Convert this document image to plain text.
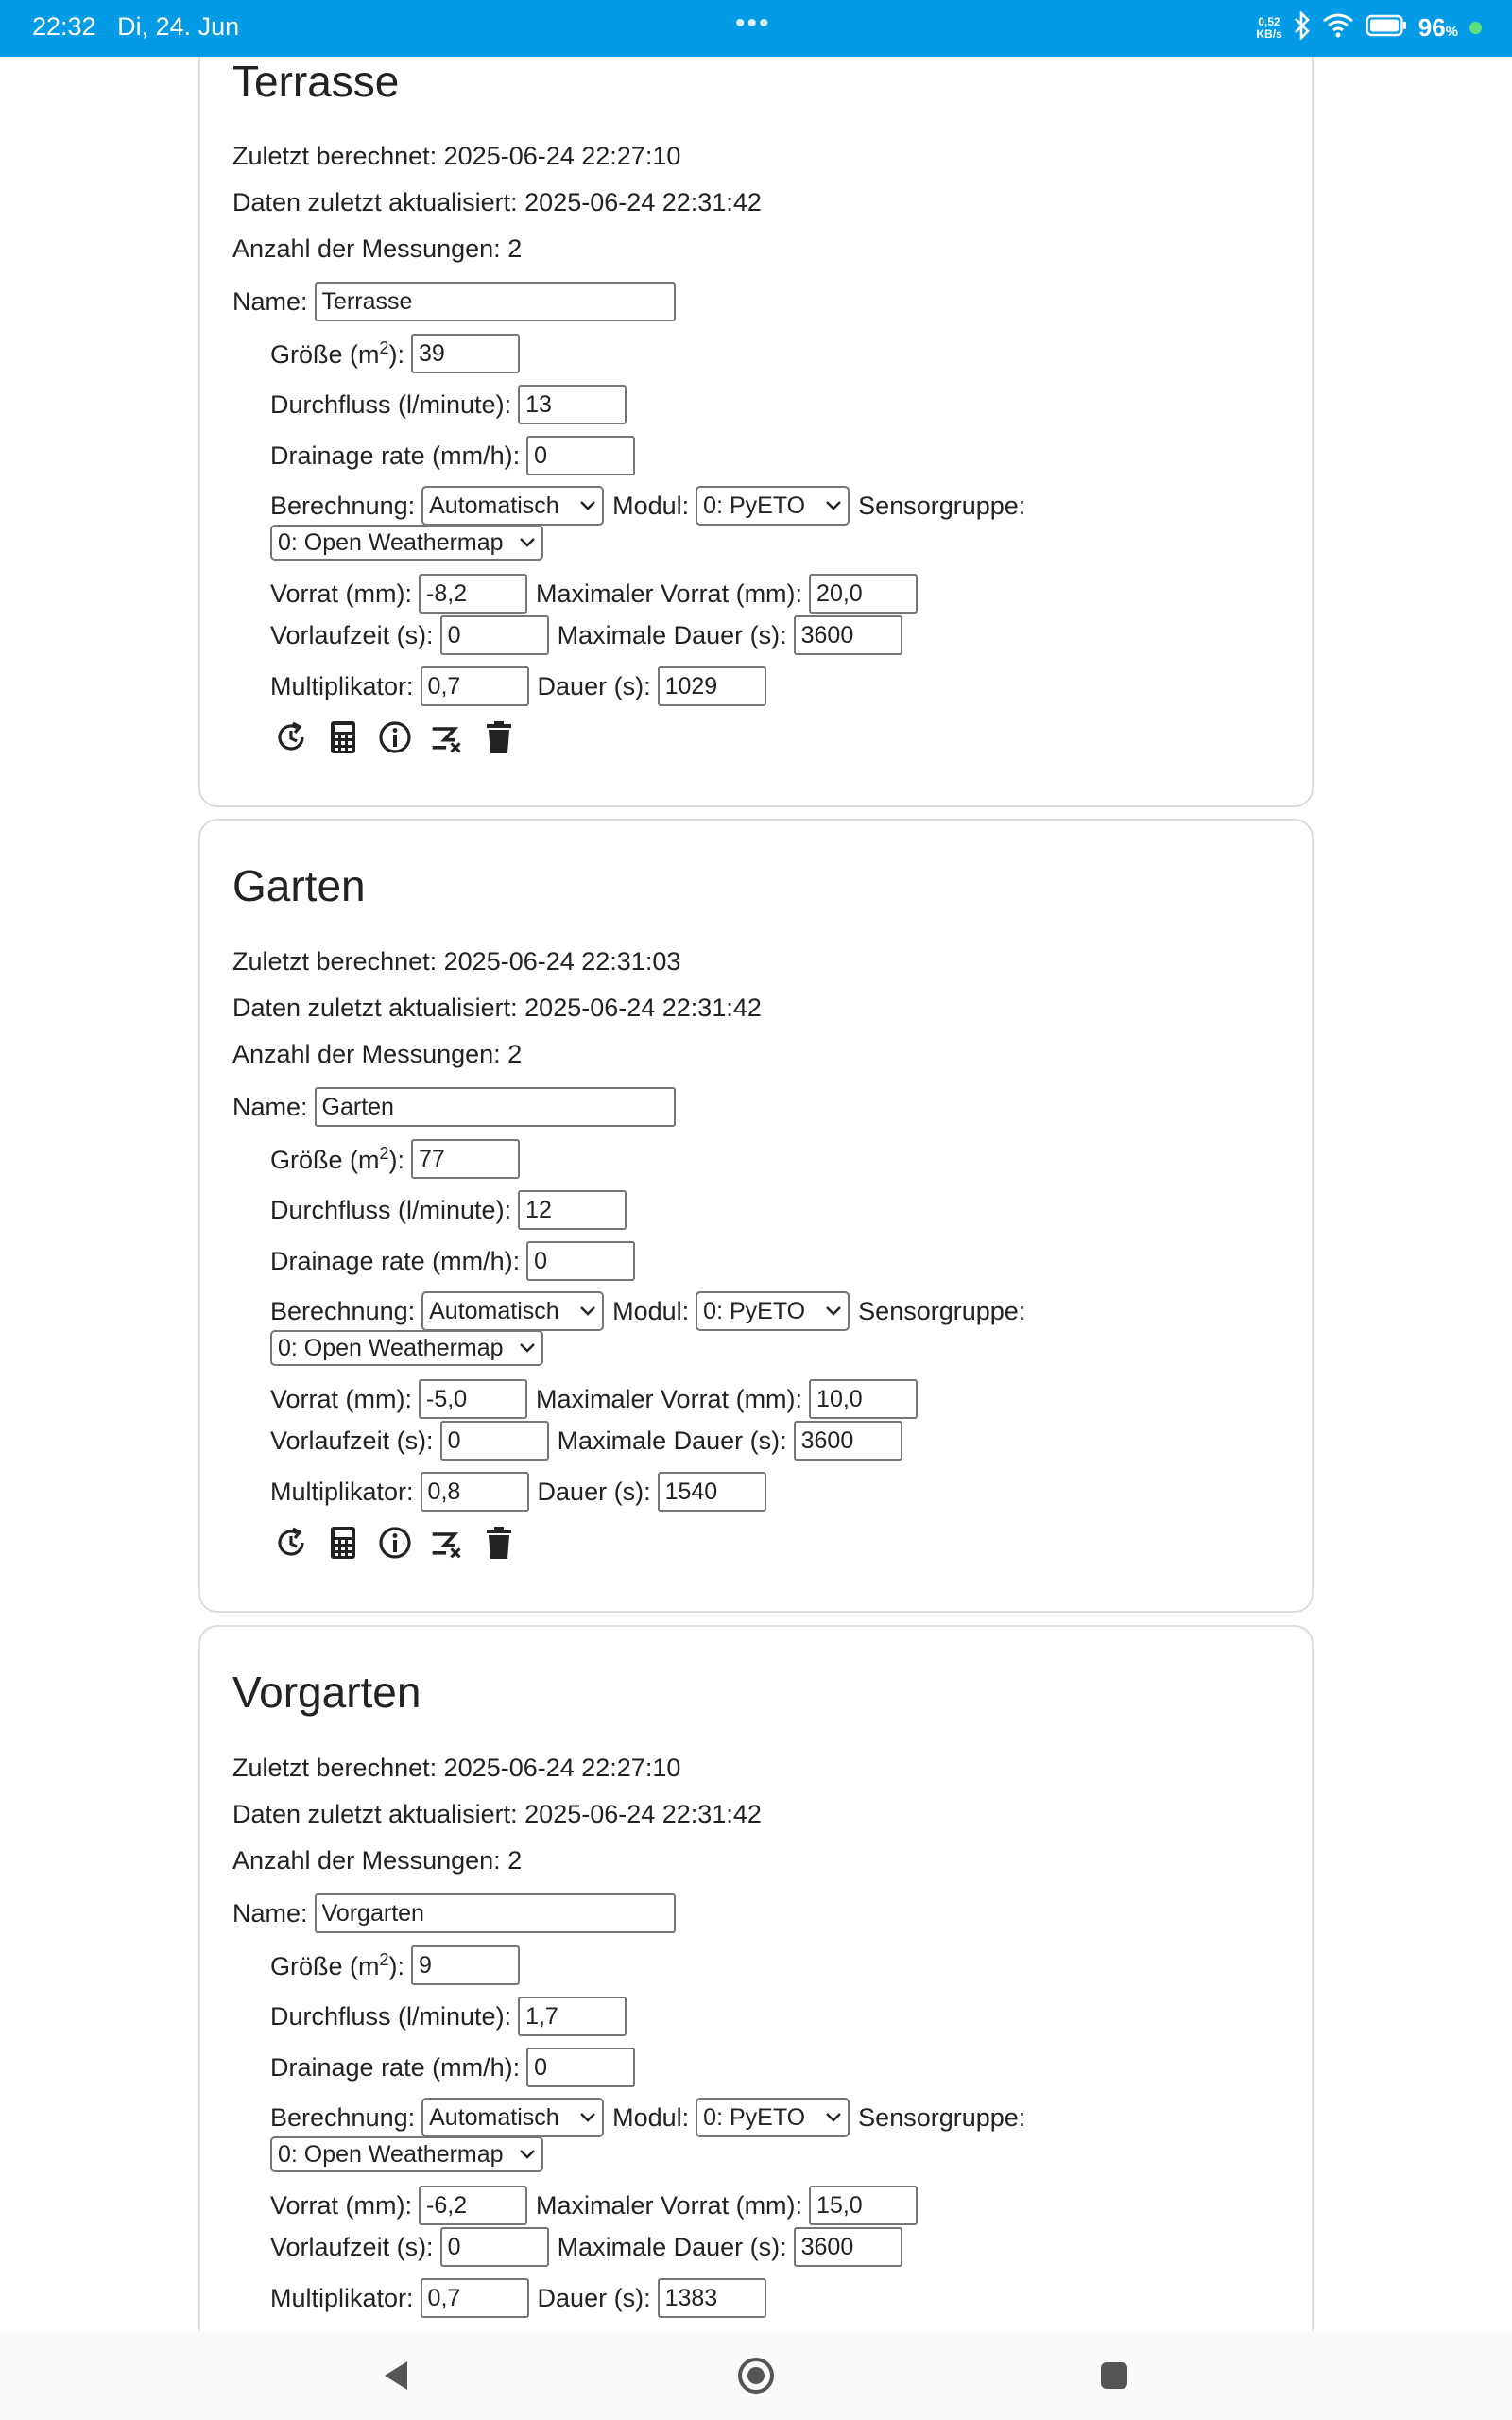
22:32 Di, 24. Jun	•••	0,52
KB/s	96%
Terrasse
Zuletzt berechnet: 2025-06-24 22:27:10
Daten zuletzt aktualisiert: 2025-06-24 22:31:42
Anzahl der Messungen: 2
Name:
Terrasse
Größe $(m^2)$:
39
Durchfluss (l/minute):
13
Drainage rate (mm/h):
0
Berechnung: Automatisch Modul: 0: PyETO Sensorgruppe:
0: Open Weathermap
Vorrat (mm):
-8,2	Maximaler Vorrat (mm):
20,0
Vorlaufzeit (s):
0	Maximale Dauer (s):
3600
Multiplikator:
0,7	Dauer (s):
1029
Garten
Zuletzt berechnet: 2025-06-24 22:31:03
Daten zuletzt aktualisiert: 2025-06-24 22:31:42
Anzahl der Messungen: 2
Name:
Garten
Größe $(m^2)$:
77
Durchfluss (l/minute):
12
Drainage rate (mm/h):
0
Berechnung: Automatisch Modul: 0: PyETO Sensorgruppe:
0: Open Weathermap
Vorrat (mm):
-5,0	Maximaler Vorrat (mm):
10,0
Vorlaufzeit (s):
0	Maximale Dauer (s):
3600
Multiplikator:
0,8	Dauer (s):
1540
Vorgarten
Zuletzt berechnet: 2025-06-24 22:27:10
Daten zuletzt aktualisiert: 2025-06-24 22:31:42
Anzahl der Messungen: 2
Name:
Vorgarten
Größe $(m^2)$:
9
Durchfluss (l/minute):
1,7
Drainage rate (mm/h):
0
Berechnung: Automatisch Modul: 0: PyETO Sensorgruppe:
0: Open Weathermap
Vorrat (mm):
-6,2	Maximaler Vorrat (mm):
15,0
Vorlaufzeit (s):
0	Maximale Dauer (s):
3600
Multiplikator:
0,7	Dauer (s):
1383
